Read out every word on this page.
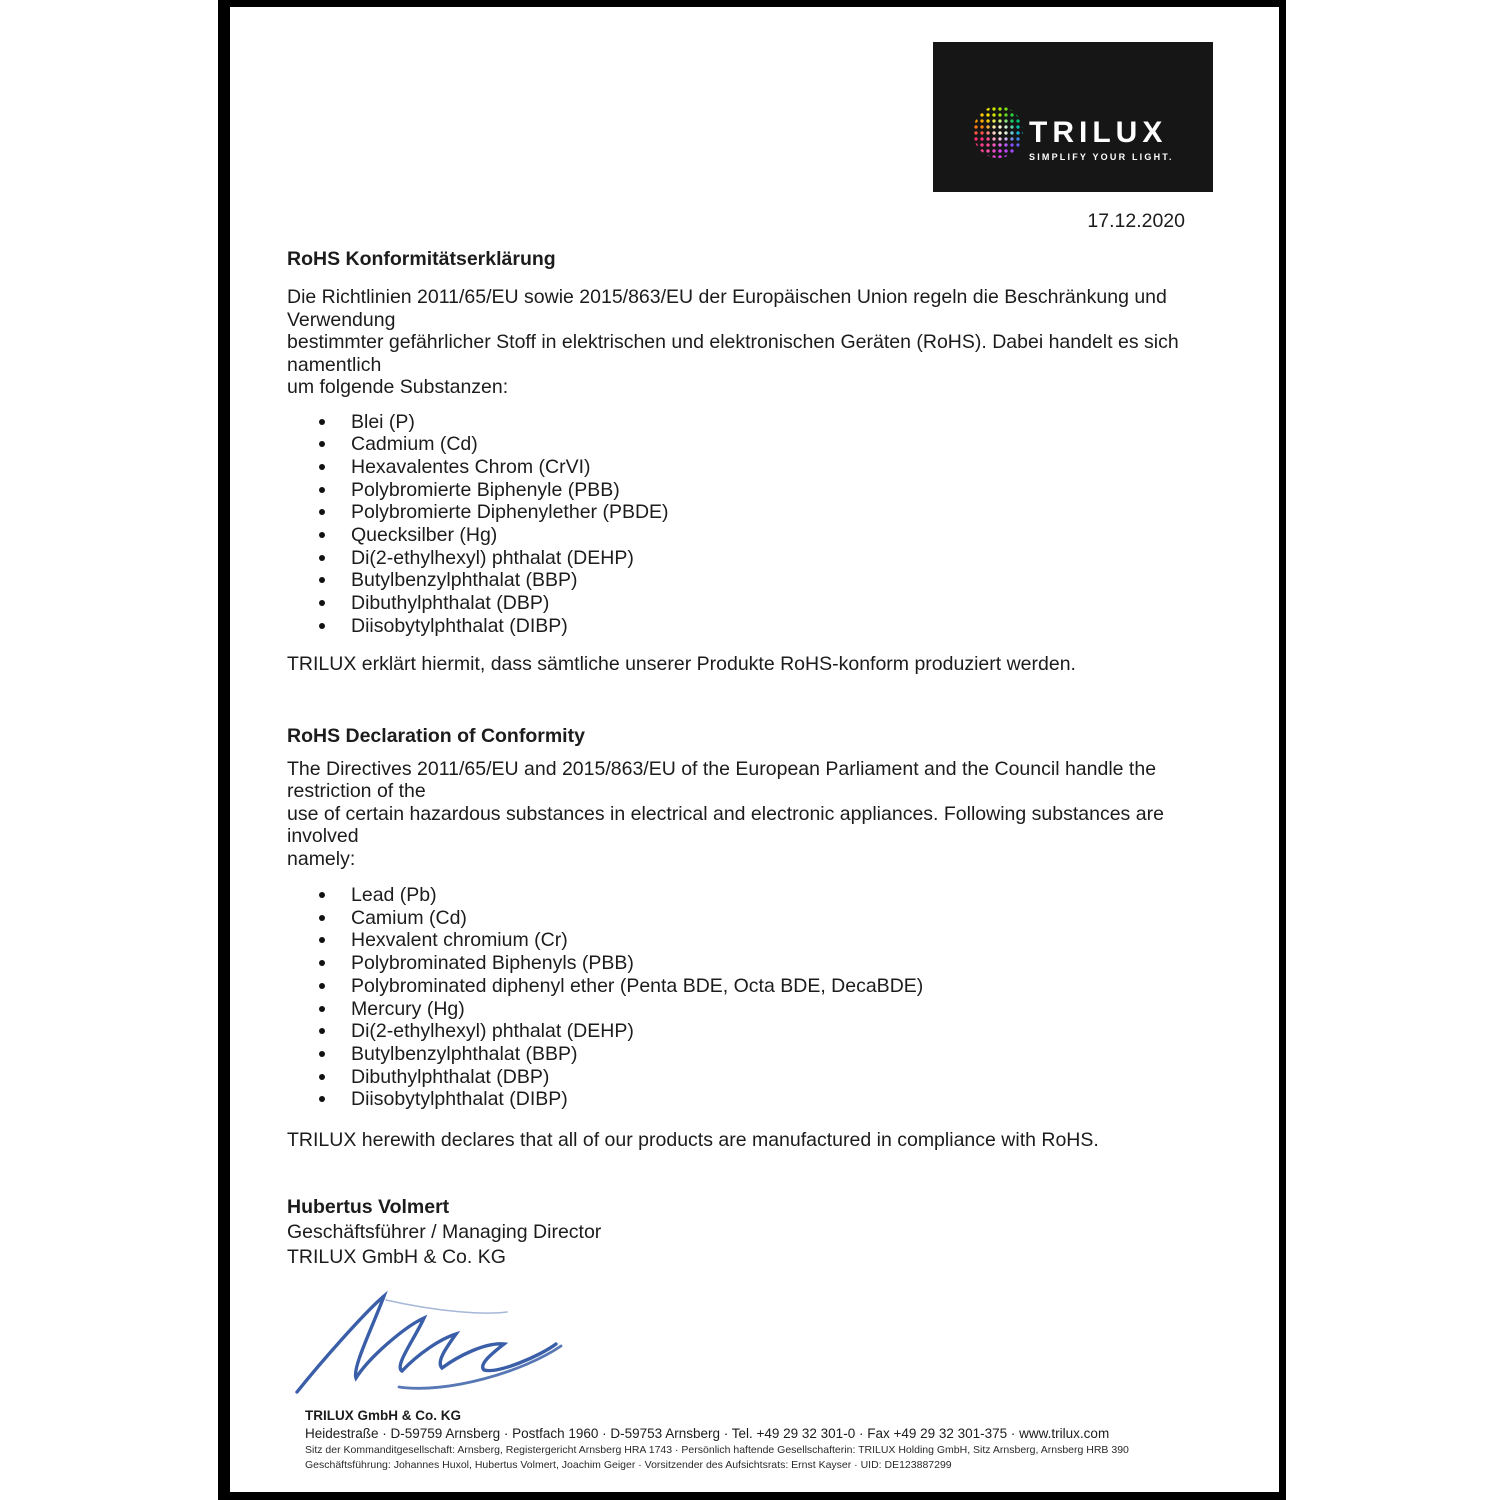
TRILUX
SIMPLIFY YOUR LIGHT.
17.12.2020
RoHS Konformitätserklärung
Die Richtlinien 2011/65/EU sowie 2015/863/EU der Europäischen Union regeln die Beschränkung und Verwendung
bestimmter gefährlicher Stoff in elektrischen und elektronischen Geräten (RoHS). Dabei handelt es sich namentlich
um folgende Substanzen:
Blei (P)
Cadmium (Cd)
Hexavalentes Chrom (CrVI)
Polybromierte Biphenyle (PBB)
Polybromierte Diphenylether (PBDE)
Quecksilber (Hg)
Di(2-ethylhexyl) phthalat (DEHP)
Butylbenzylphthalat (BBP)
Dibuthylphthalat (DBP)
Diisobytylphthalat (DIBP)
TRILUX erklärt hiermit, dass sämtliche unserer Produkte RoHS-konform produziert werden.
RoHS Declaration of Conformity
The Directives 2011/65/EU and 2015/863/EU of the European Parliament and the Council handle the restriction of the
use of certain hazardous substances in electrical and electronic appliances. Following substances are involved
namely:
Lead (Pb)
Camium (Cd)
Hexvalent chromium (Cr)
Polybrominated Biphenyls (PBB)
Polybrominated diphenyl ether (Penta BDE, Octa BDE, DecaBDE)
Mercury (Hg)
Di(2-ethylhexyl) phthalat (DEHP)
Butylbenzylphthalat (BBP)
Dibuthylphthalat (DBP)
Diisobytylphthalat (DIBP)
TRILUX herewith declares that all of our products are manufactured in compliance with RoHS.
Hubertus Volmert
Geschäftsführer / Managing Director
TRILUX GmbH & Co. KG
TRILUX GmbH & Co. KG
Heidestraße · D-59759 Arnsberg · Postfach 1960 · D-59753 Arnsberg · Tel. +49 29 32 301-0 · Fax +49 29 32 301-375 · www.trilux.com
Sitz der Kommanditgesellschaft: Arnsberg, Registergericht Arnsberg HRA 1743 · Persönlich haftende Gesellschafterin: TRILUX Holding GmbH, Sitz Arnsberg, Arnsberg HRB 390
Geschäftsführung: Johannes Huxol, Hubertus Volmert, Joachim Geiger · Vorsitzender des Aufsichtsrats: Ernst Kayser · UID: DE123887299
